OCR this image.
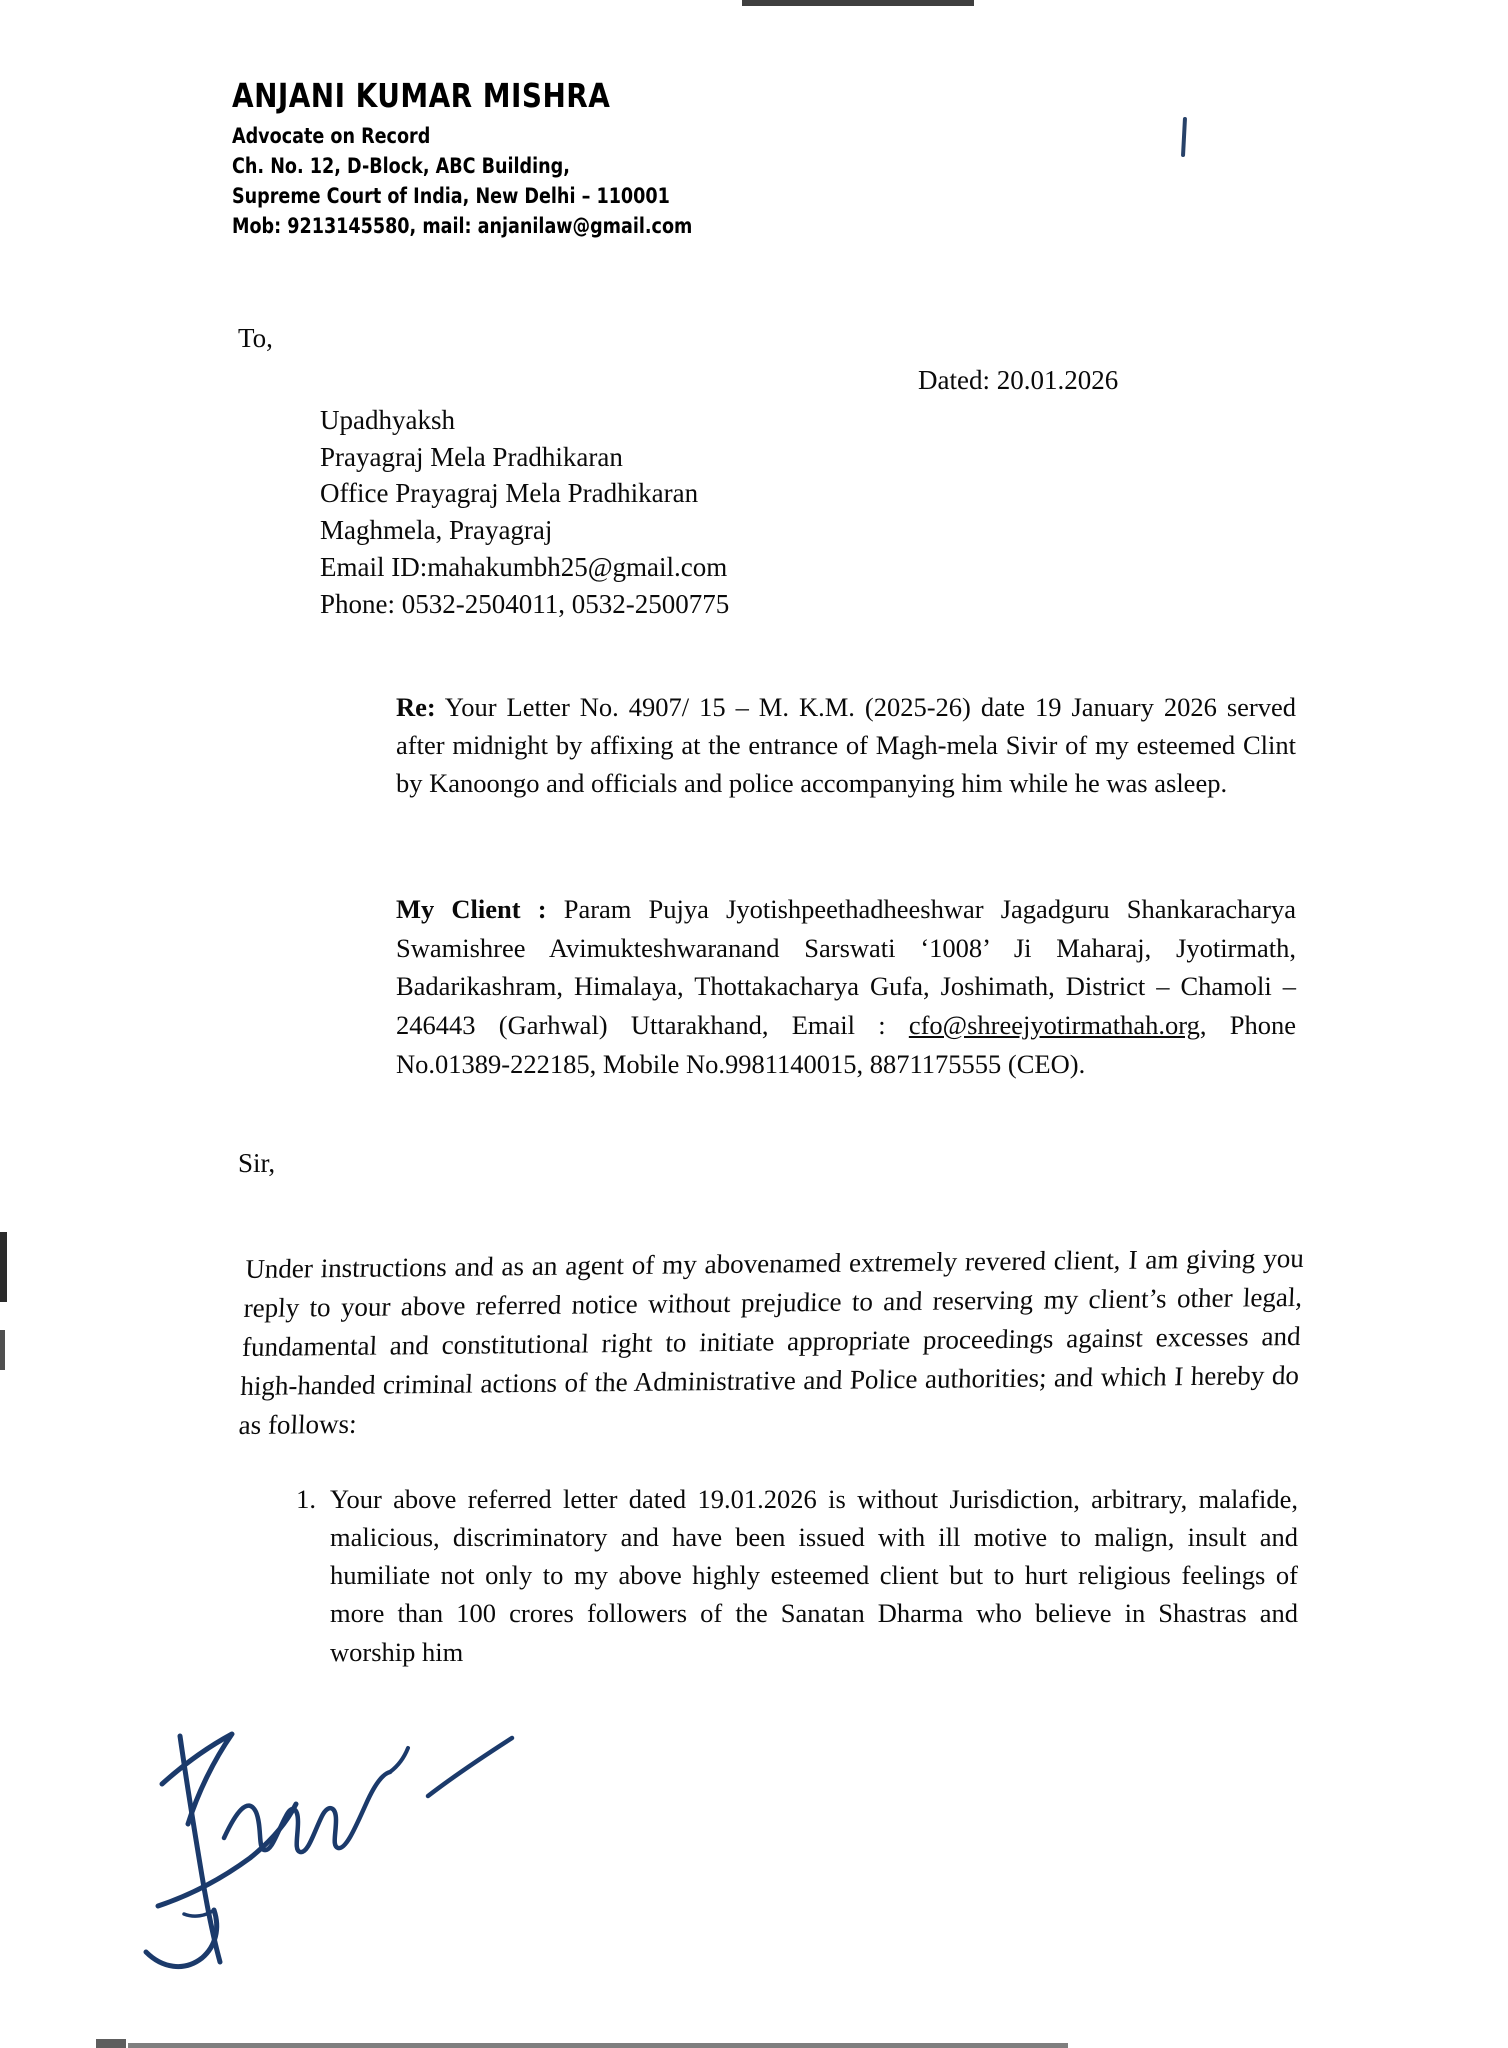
ANJANI KUMAR MISHRA
Advocate on Record
Ch. No. 12, D-Block, ABC Building,
Supreme Court of India, New Delhi – 110001
Mob: 9213145580, mail: anjanilaw@gmail.com
To,
Dated: 20.01.2026
Upadhyaksh
Prayagraj Mela Pradhikaran
Office Prayagraj Mela Pradhikaran
Maghmela, Prayagraj
Email ID:mahakumbh25@gmail.com
Phone: 0532-2504011, 0532-2500775
Re: Your Letter No. 4907/ 15 – M. K.M. (2025-26) date 19 January 2026 served after midnight by affixing at the entrance of Magh-mela Sivir of my esteemed Clint by Kanoongo and officials and police accompanying him while he was asleep.
My Client : Param Pujya Jyotishpeethadheeshwar Jagadguru Shankaracharya Swamishree Avimukteshwaranand Sarswati ‘1008’ Ji Maharaj, Jyotirmath, Badarikashram, Himalaya, Thottakacharya Gufa, Joshimath, District – Chamoli – 246443 (Garhwal) Uttarakhand, Email : cfo@shreejyotirmathah.org, Phone No.01389-222185, Mobile No.9981140015, 8871175555 (CEO).
Sir,
Under instructions and as an agent of my abovenamed extremely revered client, I am giving you reply to your above referred notice without prejudice to and reserving my client’s other legal, fundamental and constitutional right to initiate appropriate proceedings against excesses and high-handed criminal actions of the Administrative and Police authorities; and which I hereby do as follows:
1. Your above referred letter dated 19.01.2026 is without Jurisdiction, arbitrary, malafide, malicious, discriminatory and have been issued with ill motive to malign, insult and humiliate not only to my above highly esteemed client but to hurt religious feelings of more than 100 crores followers of the Sanatan Dharma who believe in Shastras and worship him
